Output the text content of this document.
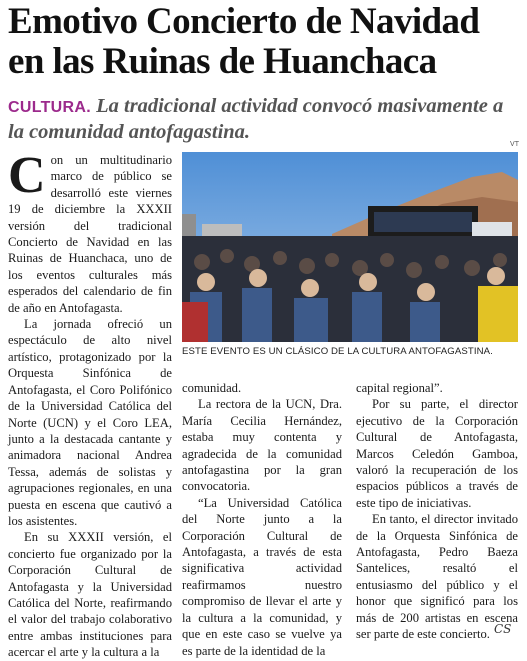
Emotivo Concierto de Navidad
en las Ruinas de Huanchaca

CULTURA. La tradicional actividad convocó masivamente a la comunidad antofagastina.

Con un multitudinario marco de público se desarrolló este viernes 19 de diciembre la XXXII versión del tradicional Concierto de Navidad en las Ruinas de Huanchaca, uno de los eventos culturales más esperados del calendario de fin de año en Antofagasta.

La jornada ofreció un espectáculo de alto nivel artístico, protagonizado por la Orquesta Sinfónica de Antofagasta, el Coro Polifónico de la Universidad Católica del Norte (UCN) y el Coro LEA, junto a la destacada cantante y animadora nacional Andrea Tessa, además de solistas y agrupaciones regionales, en una puesta en escena que cautivó a los asistentes.

En su XXXII versión, el concierto fue organizado por la Corporación Cultural de Antofagasta y la Universidad Católica del Norte, reafirmando el valor del trabajo colaborativo entre ambas instituciones para acercar el arte y la cultura a la

VT
ESTE EVENTO ES UN CLÁSICO DE LA CULTURA ANTOFAGASTINA.

comunidad.

La rectora de la UCN, Dra. María Cecilia Hernández, estaba muy contenta y agradecida de la comunidad antofagastina por la gran convocatoria.

“La Universidad Católica del Norte junto a la Corporación Cultural de Antofagasta, a través de esta significativa actividad reafirmamos nuestro compromiso de llevar el arte y la cultura a la comunidad, y que en este caso se vuelve ya es parte de la identidad de la

capital regional”.

Por su parte, el director ejecutivo de la Corporación Cultural de Antofagasta, Marcos Celedón Gamboa, valoró la recuperación de los espacios públicos a través de este tipo de iniciativas.

En tanto, el director invitado de la Orquesta Sinfónica de Antofagasta, Pedro Baeza Santelices, resaltó el entusiasmo del público y el honor que significó para los más de 200 artistas en escena ser parte de este concierto. CS
